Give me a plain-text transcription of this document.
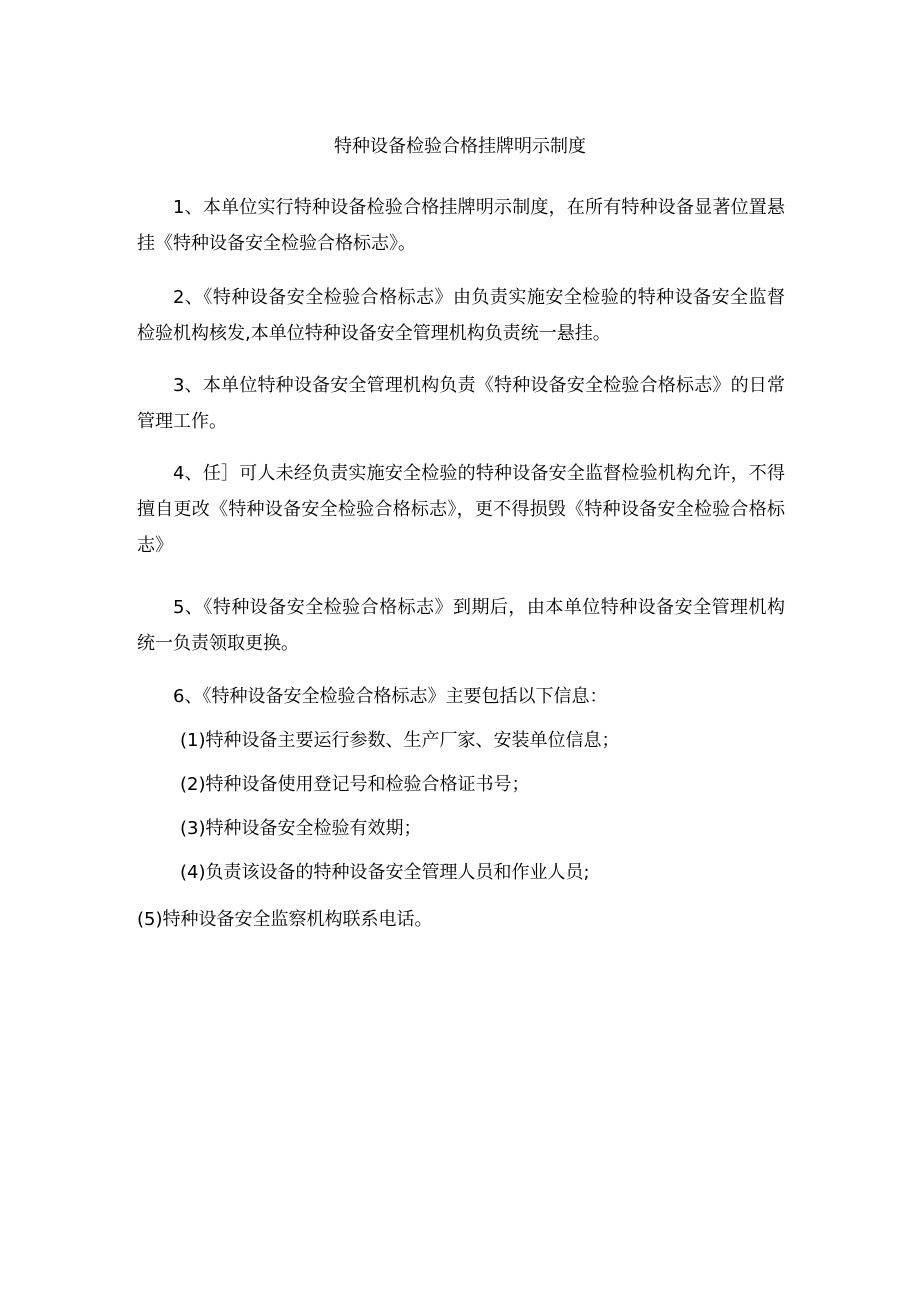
特种设备检验合格挂牌明示制度

1、本单位实行特种设备检验合格挂牌明示制度，在所有特种设备显著位置悬挂《特种设备安全检验合格标志》。

2、《特种设备安全检验合格标志》由负责实施安全检验的特种设备安全监督检验机构核发,本单位特种设备安全管理机构负责统一悬挂。

3、本单位特种设备安全管理机构负责《特种设备安全检验合格标志》的日常管理工作。

4、任］可人未经负责实施安全检验的特种设备安全监督检验机构允许，不得擅自更改《特种设备安全检验合格标志》，更不得损毁《特种设备安全检验合格标志》

5、《特种设备安全检验合格标志》到期后，由本单位特种设备安全管理机构统一负责领取更换。

6、《特种设备安全检验合格标志》主要包括以下信息：

(1)特种设备主要运行参数、生产厂家、安装单位信息；

(2)特种设备使用登记号和检验合格证书号；

(3)特种设备安全检验有效期；

(4)负责该设备的特种设备安全管理人员和作业人员;

(5)特种设备安全监察机构联系电话。
